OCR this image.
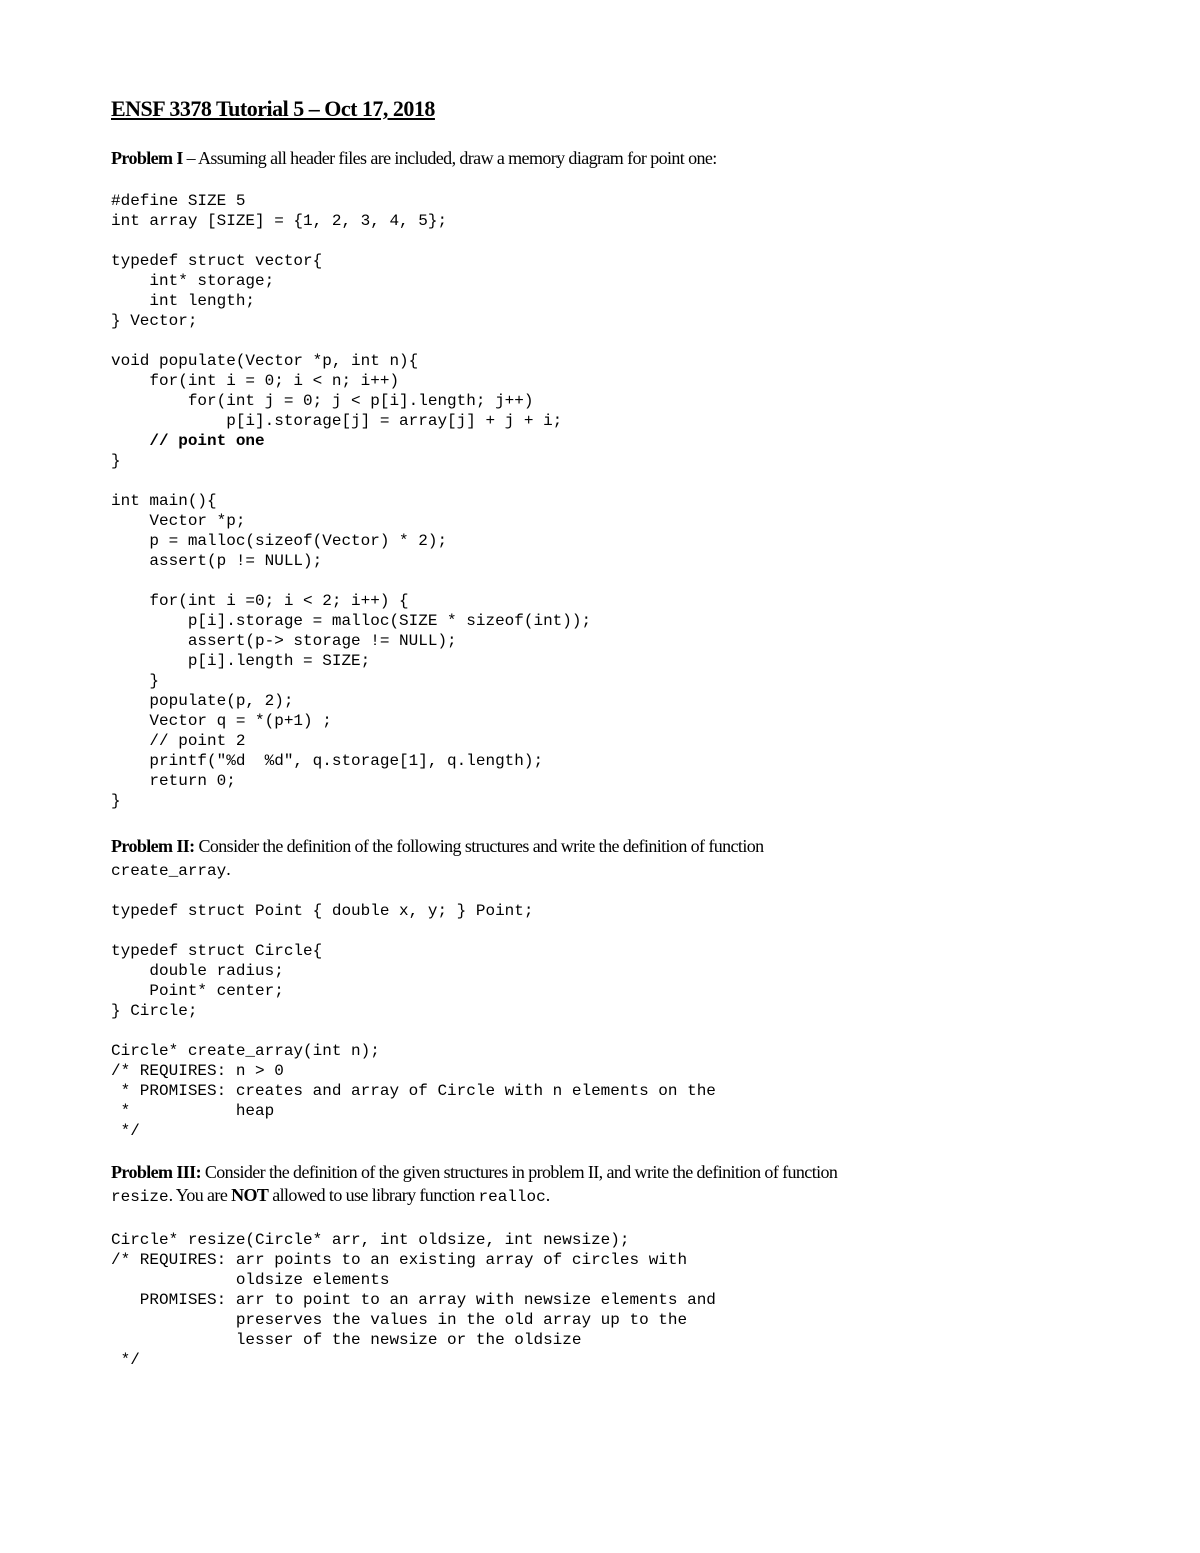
ENSF 3378 Tutorial 5 – Oct 17, 2018
Problem I – Assuming all header files are included, draw a memory diagram for point one:
#define SIZE 5
int array [SIZE] = {1, 2, 3, 4, 5};
typedef struct vector{
int* storage;
int length;
} Vector;
void populate(Vector *p, int n){
for(int i = 0; i < n; i++)
for(int j = 0; j < p[i].length; j++)
p[i].storage[j] = array[j] + j + i;
// point one
}
int main(){
Vector *p;
p = malloc(sizeof(Vector) * 2);
assert(p != NULL);
for(int i =0; i < 2; i++) {
p[i].storage = malloc(SIZE * sizeof(int));
assert(p-> storage != NULL);
p[i].length = SIZE;
}
populate(p, 2);
Vector q = *(p+1) ;
// point 2
printf("%d  %d", q.storage[1], q.length);
return 0;
}
Problem II: Consider the definition of the following structures and write the definition of function
create_array.
typedef struct Point { double x, y; } Point;
typedef struct Circle{
double radius;
Point* center;
} Circle;
Circle* create_array(int n);
/* REQUIRES: n > 0
* PROMISES: creates and array of Circle with n elements on the
*           heap
*/
Problem III: Consider the definition of the given structures in problem II, and write the definition of function
resize. You are NOT allowed to use library function realloc.
Circle* resize(Circle* arr, int oldsize, int newsize);
/* REQUIRES: arr points to an existing array of circles with
oldsize elements
PROMISES: arr to point to an array with newsize elements and
preserves the values in the old array up to the
lesser of the newsize or the oldsize
*/
